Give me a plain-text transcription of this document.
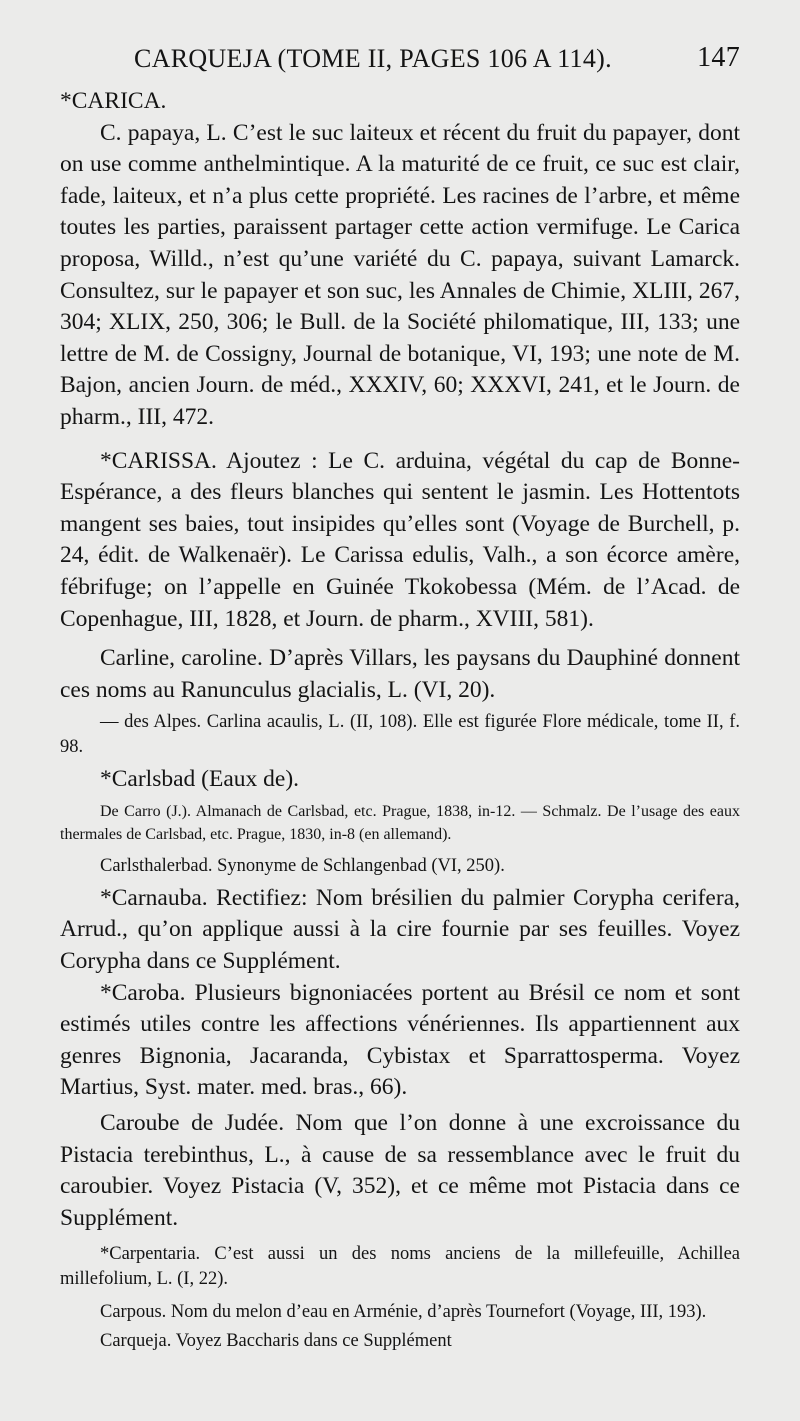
CARQUEJA (TOME II, PAGES 106 A 114).	147

*CARICA.

C. papaya, L. C’est le suc laiteux et récent du fruit du papayer, dont on use comme anthelmintique. A la maturité de ce fruit, ce suc est clair, fade, laiteux, et n’a plus cette propriété. Les racines de l’arbre, et même toutes les parties, paraissent partager cette action vermifuge. Le Carica proposa, Willd., n’est qu’une variété du C. papaya, suivant Lamarck. Consultez, sur le papayer et son suc, les Annales de Chimie, XLIII, 267, 304; XLIX, 250, 306; le Bull. de la Société philomatique, III, 133; une lettre de M. de Cossigny, Journal de botanique, VI, 193; une note de M. Bajon, ancien Journ. de méd., XXXIV, 60; XXXVI, 241, et le Journ. de pharm., III, 472.

*CARISSA. Ajoutez : Le C. arduina, végétal du cap de Bonne-Espérance, a des fleurs blanches qui sentent le jasmin. Les Hottentots mangent ses baies, tout insipides qu’elles sont (Voyage de Burchell, p. 24, édit. de Walkenaër). Le Carissa edulis, Valh., a son écorce amère, fébrifuge; on l’appelle en Guinée Tkokobessa (Mém. de l’Acad. de Copenhague, III, 1828, et Journ. de pharm., XVIII, 581).

Carline, caroline. D’après Villars, les paysans du Dauphiné donnent ces noms au Ranunculus glacialis, L. (VI, 20).

— des Alpes. Carlina acaulis, L. (II, 108). Elle est figurée Flore médicale, tome II, f. 98.

*Carlsbad (Eaux de).

De Carro (J.). Almanach de Carlsbad, etc. Prague, 1838, in-12. — Schmalz. De l’usage des eaux thermales de Carlsbad, etc. Prague, 1830, in-8 (en allemand).

Carlsthalerbad. Synonyme de Schlangenbad (VI, 250).

*Carnauba. Rectifiez: Nom brésilien du palmier Corypha cerifera, Arrud., qu’on applique aussi à la cire fournie par ses feuilles. Voyez Corypha dans ce Supplément.

*Caroba. Plusieurs bignoniacées portent au Brésil ce nom et sont estimés utiles contre les affections vénériennes. Ils appartiennent aux genres Bignonia, Jacaranda, Cybistax et Sparrattosperma. Voyez Martius, Syst. mater. med. bras., 66).

Caroube de Judée. Nom que l’on donne à une excroissance du Pistacia terebinthus, L., à cause de sa ressemblance avec le fruit du caroubier. Voyez Pistacia (V, 352), et ce même mot Pistacia dans ce Supplément.

*Carpentaria. C’est aussi un des noms anciens de la millefeuille, Achillea millefolium, L. (I, 22).

Carpous. Nom du melon d’eau en Arménie, d’après Tournefort (Voyage, III, 193).

Carqueja. Voyez Baccharis dans ce Supplément
